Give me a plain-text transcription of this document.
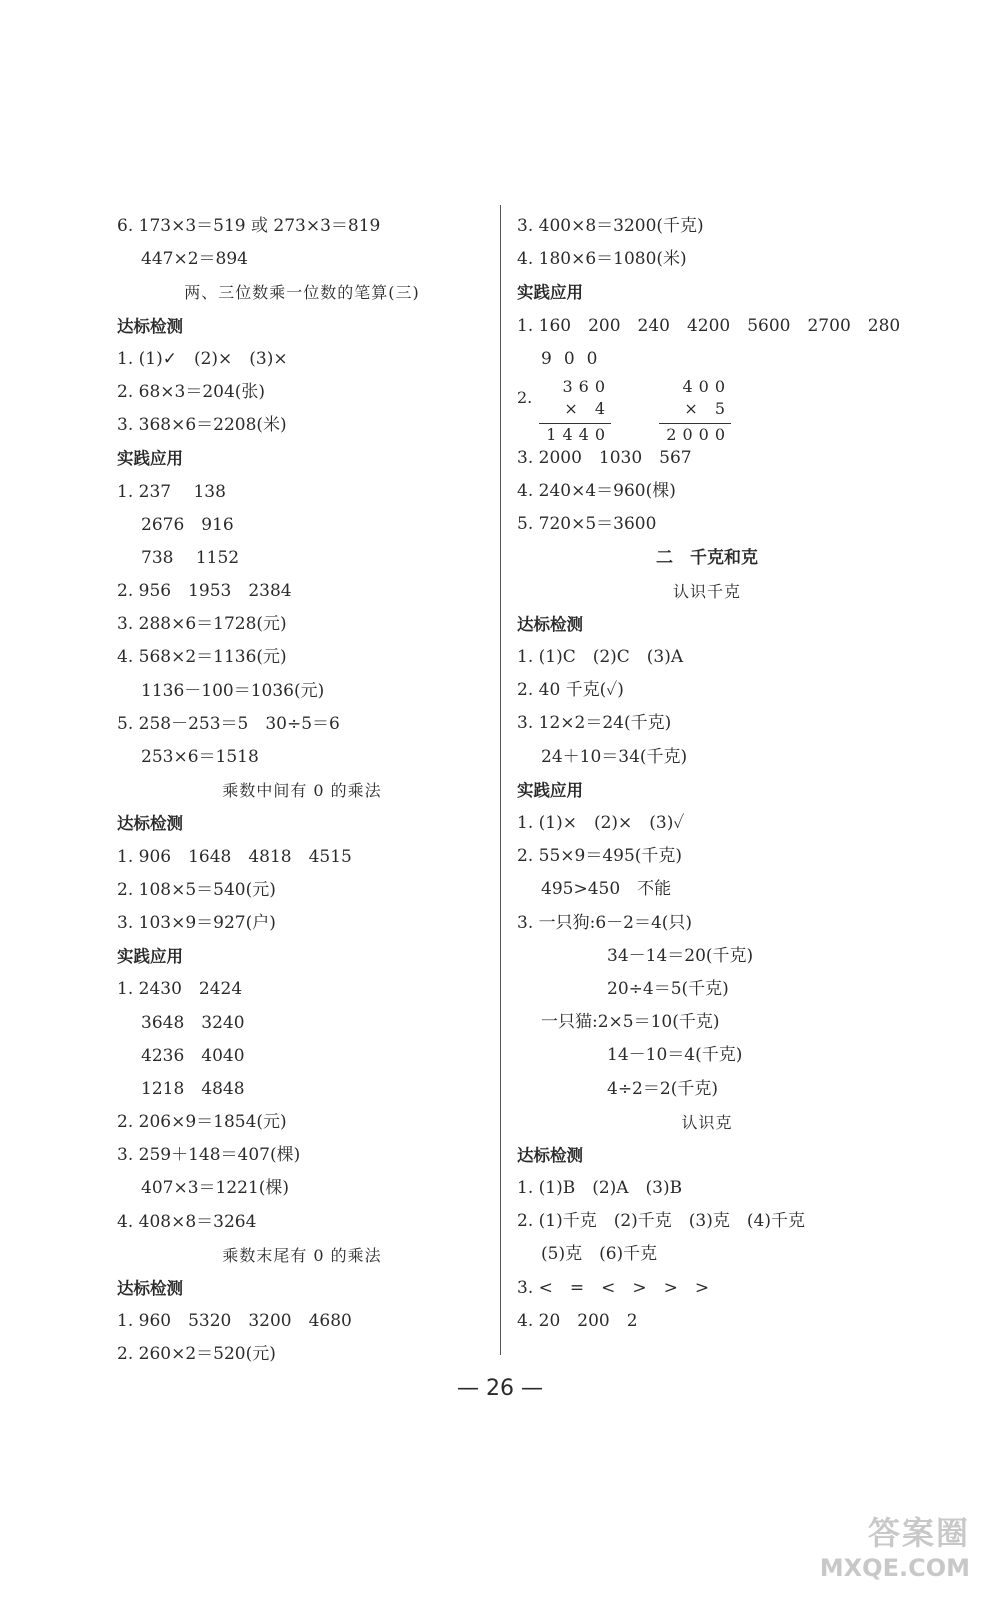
6. 173×3＝519 或 273×3＝819
447×2＝894
两、三位数乘一位数的笔算(三)
达标检测
1. (1)✓　(2)×　(3)×
2. 68×3＝204(张)
3. 368×6＝2208(米)
实践应用
1. 237　 138
2676　916
738　 1152
2. 956　1953　2384
3. 288×6＝1728(元)
4. 568×2＝1136(元)
1136－100＝1036(元)
5. 258－253＝5　30÷5＝6
253×6＝1518
乘数中间有 0 的乘法
达标检测
1. 906　1648　4818　4515
2. 108×5＝540(元)
3. 103×9＝927(户)
实践应用
1. 2430　2424
3648　3240
4236　4040
1218　4848
2. 206×9＝1854(元)
3. 259＋148＝407(棵)
407×3＝1221(棵)
4. 408×8＝3264
乘数末尾有 0 的乘法
达标检测
1. 960　5320　3200　4680
2. 260×2＝520(元)
3. 400×8＝3200(千克)
4. 180×6＝1080(米)
实践应用
1. 160　200　240　4200　5600　2700　280
900
2.
360
× 4
1440
400
× 5
2000
3. 2000　1030　567
4. 240×4＝960(棵)
5. 720×5＝3600
二　千克和克
认识千克
达标检测
1. (1)C　(2)C　(3)A
2. 40 千克(✓)
3. 12×2＝24(千克)
24＋10＝34(千克)
实践应用
1. (1)×　(2)×　(3)✓
2. 55×9＝495(千克)
495>450　不能
3. 一只狗:6－2＝4(只)
34－14＝20(千克)
20÷4＝5(千克)
一只猫:2×5＝10(千克)
14－10＝4(千克)
4÷2＝2(千克)
认识克
达标检测
1. (1)B　(2)A　(3)B
2. (1)千克　(2)千克　(3)克　(4)千克
(5)克　(6)千克
3. <　=　<　>　>　>
4. 20　200　2
— 26 —
答案圈
MXQE.COM
